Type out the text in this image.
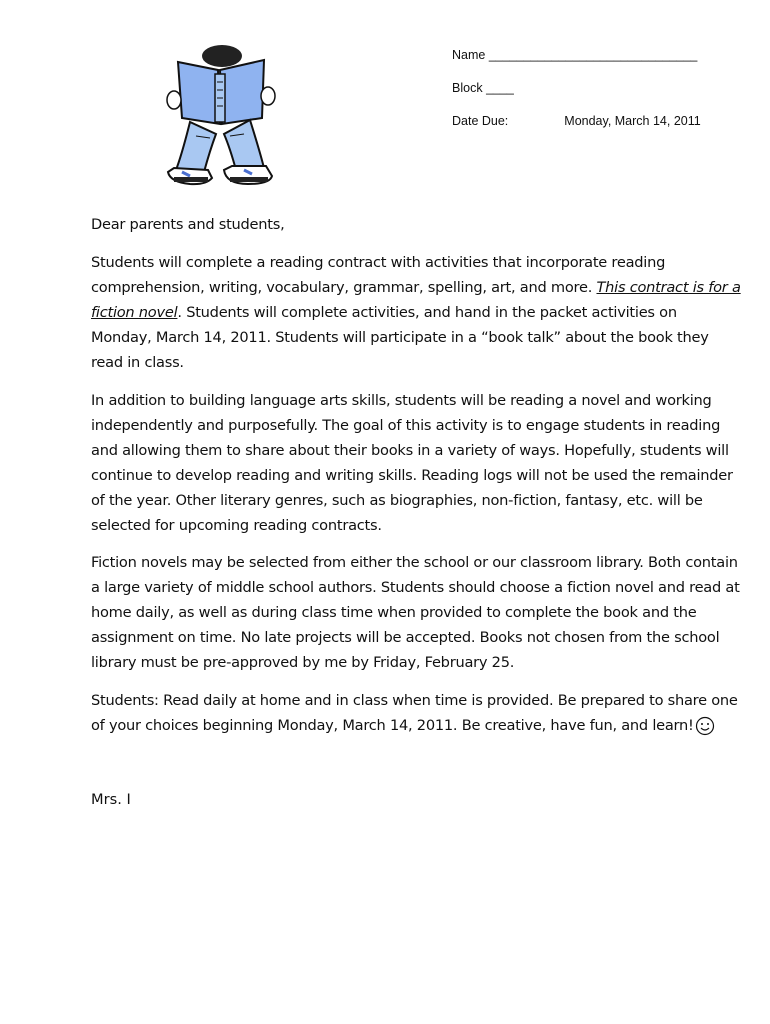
Name ______________________________
Block ____
Date Due:	Monday, March 14, 2011

Dear parents and students,

Students will complete a reading contract with activities that incorporate reading comprehension, writing, vocabulary, grammar, spelling, art, and more. This contract is for a fiction novel. Students will complete activities, and hand in the packet activities on Monday, March 14, 2011. Students will participate in a “book talk” about the book they read in class.

In addition to building language arts skills, students will be reading a novel and working independently and purposefully. The goal of this activity is to engage students in reading and allowing them to share about their books in a variety of ways. Hopefully, students will continue to develop reading and writing skills. Reading logs will not be used the remainder of the year. Other literary genres, such as biographies, non-fiction, fantasy, etc. will be selected for upcoming reading contracts.

Fiction novels may be selected from either the school or our classroom library. Both contain a large variety of middle school authors. Students should choose a fiction novel and read at home daily, as well as during class time when provided to complete the book and the assignment on time. No late projects will be accepted. Books not chosen from the school library must be pre-approved by me by Friday, February 25.

Students: Read daily at home and in class when time is provided. Be prepared to share one of your choices beginning Monday, March 14, 2011. Be creative, have fun, and learn!

Mrs. I
